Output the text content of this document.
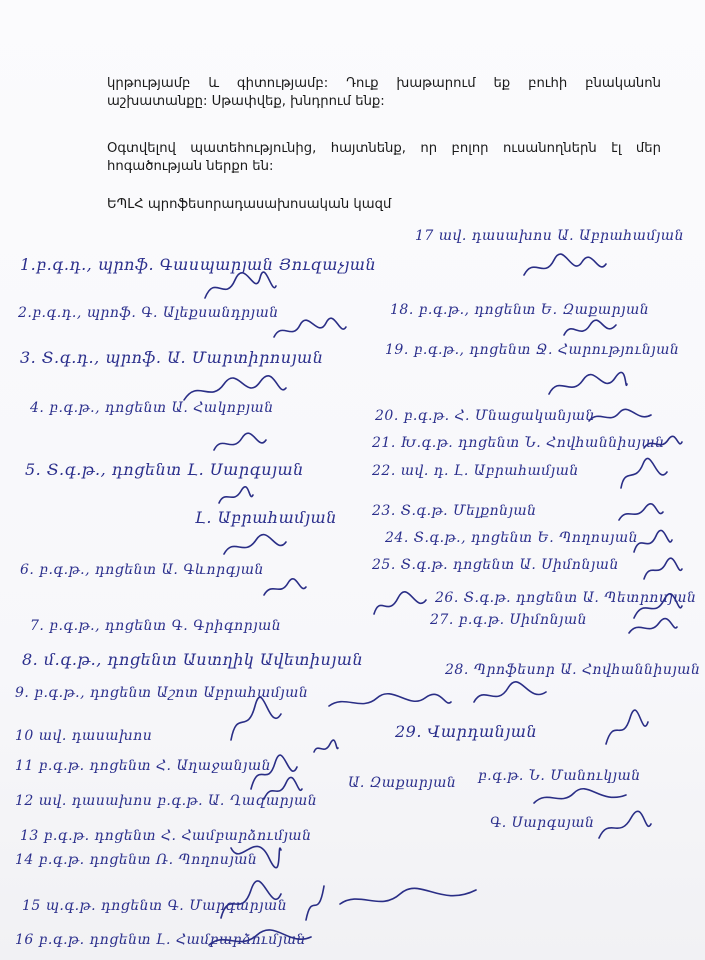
կրթությամբ և գիտությամբ: Դուք խաթարում եք բուհի բնականոն
աշխատանքը: Սթափվեք, խնդրում ենք:
Օգտվելով պատեհությունից, հայտնենք, որ բոլոր ուսանողներն էլ մեր
հոգածության ներքո են:
ԵՊԼՀ պրոֆեսորադասախոսական կազմ
1.բ.գ.դ., պրոֆ. Գասպարյան Յուզաչյան
2.բ.գ.դ., պրոֆ. Գ. Ալեքսանդրյան
3. Տ.գ.դ., պրոֆ. Ա. Մարտիրոսյան
4. բ.գ.թ., դոցենտ Ա. Հակոբյան
5. Տ.գ.թ., դոցենտ Լ. Սարգսյան
Լ. Աբրահամյան
6. բ.գ.թ., դոցենտ Ա. Գևորգյան
7. բ.գ.թ., դոցենտ Գ. Գրիգորյան
8. մ.գ.թ., դոցենտ Աստղիկ Ավետիսյան
9. բ.գ.թ., դոցենտ Աշոտ Աբրահամյան
10 ավ. դասախոս
11 բ.գ.թ. դոցենտ Հ. Աղաջանյան
12 ավ. դասախոս բ.գ.թ. Ա. Ղազարյան
13 բ.գ.թ. դոցենտ Հ. Համբարձումյան
14 բ.գ.թ. դոցենտ Ռ. Պողոսյան
15 պ.գ.թ. դոցենտ Գ. Մարգարյան
16 բ.գ.թ. դոցենտ Լ. Համբարձումյան
17 ավ. դասախոս Ա. Աբրահամյան
18. բ.գ.թ., դոցենտ Ե. Զաքարյան
19. բ.գ.թ., դոցենտ Ջ. Հարությունյան
20. բ.գ.թ. Հ. Մնացականյան
21. Խ.գ.թ. դոցենտ Ն. Հովհաննիսյան
22. ավ. դ. Լ. Աբրահամյան
23. Տ.գ.թ. Մելքոնյան
24. Տ.գ.թ., դոցենտ Ե. Պողոսյան
25. Տ.գ.թ. դոցենտ Ա. Սիմոնյան
26. Տ.գ.թ. դոցենտ Ա. Պետրոսյան
27. բ.գ.թ. Սիմոնյան
28. Պրոֆեսոր Ա. Հովհաննիսյան
29. Վարդանյան
բ.գ.թ. Ն. Մանուկյան
Ա. Զաքարյան
Գ. Սարգսյան
